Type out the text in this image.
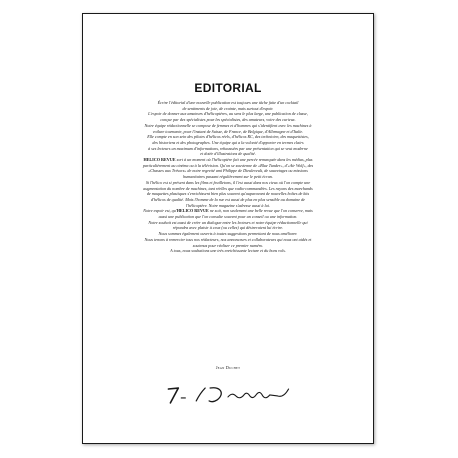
EDITORIAL

Écrire l'éditorial d'une nouvelle publication est toujours une tâche faite d'un cocktail
de sentiments de joie, de crainte, mais surtout d'espoir.

L'espoir de donner aux amateurs d'hélicoptères, au sens le plus large, une publication de classe,
conçue par des spécialistes pour les spécialistes, des amateurs, voire des curieux.

Notre équipe rédactionnelle se compose de femmes et d'hommes qui s'identifient avec les machines à
voilure tournante, pour l'instant de Suisse, de France, de Belgique, d'Allemagne et d'Italie.

Elle compte en son sein des pilotes d'hélicos réels, d'hélicos RC, des technicien, des maquettistes,
des historiens et des photographes. Une équipe qui a la volonté d'apporter en termes clairs
à ses lecteurs un maximum d'informations, rehaussées par une présentation qui se veut moderne
et dotée d'illustrations de qualité.

HELICO REVUE sort à un moment où l'hélicoptère fait une percée remarquée dans les médias, plus
particulièrement au cinéma ou à la télévision. Qu'on se souvienne de «Blue Tunder», d'«Air Wolf», des
«Chasses aux Trésors» de notre regretté ami Philippe de Dieuleveult, de sauvetages ou missions
humanitaires passant régulièrement sur le petit écran.

Si l'hélico est si présent dans les films et feuilletons, il l'est aussi dans nos cieux où l'on compte une
augmentation du nombre de machines, tant réelles que radio-commandées. Les rayons des marchands
de maquettes plastiques s'enrichissent bien plus souvent qu'auparavant de nouvelles boîtes de kits
d'hélicos de qualité. Mais l'homme de la rue est aussi de plus en plus sensible au domaine de
l'hélicoptère. Notre magazine s'adresse aussi à lui.

Notre espoir est, qu'HELICO REVUE ne soit, non seulement une belle revue que l'on conserve, mais
aussi une publication que l'on consulte souvent pour un conseil ou une information.

Notre souhait est aussi de créer un dialogue entre les lecteurs et notre équipe rédactionnelle qui
répondra avec plaisir à ceux (ou celles) qui désireraient lui écrire.

Nous sommes également ouverts à toutes suggestions permettant de nous améliorer.

Nous tenons à remercier tous nos rédacteurs, nos annonceurs et collaborateurs qui nous ont aidés et
soutenus pour réaliser ce premier numéro.

A tous, nous souhaitons une très enrichissante lecture et du bons vols.

Jean Duchet
